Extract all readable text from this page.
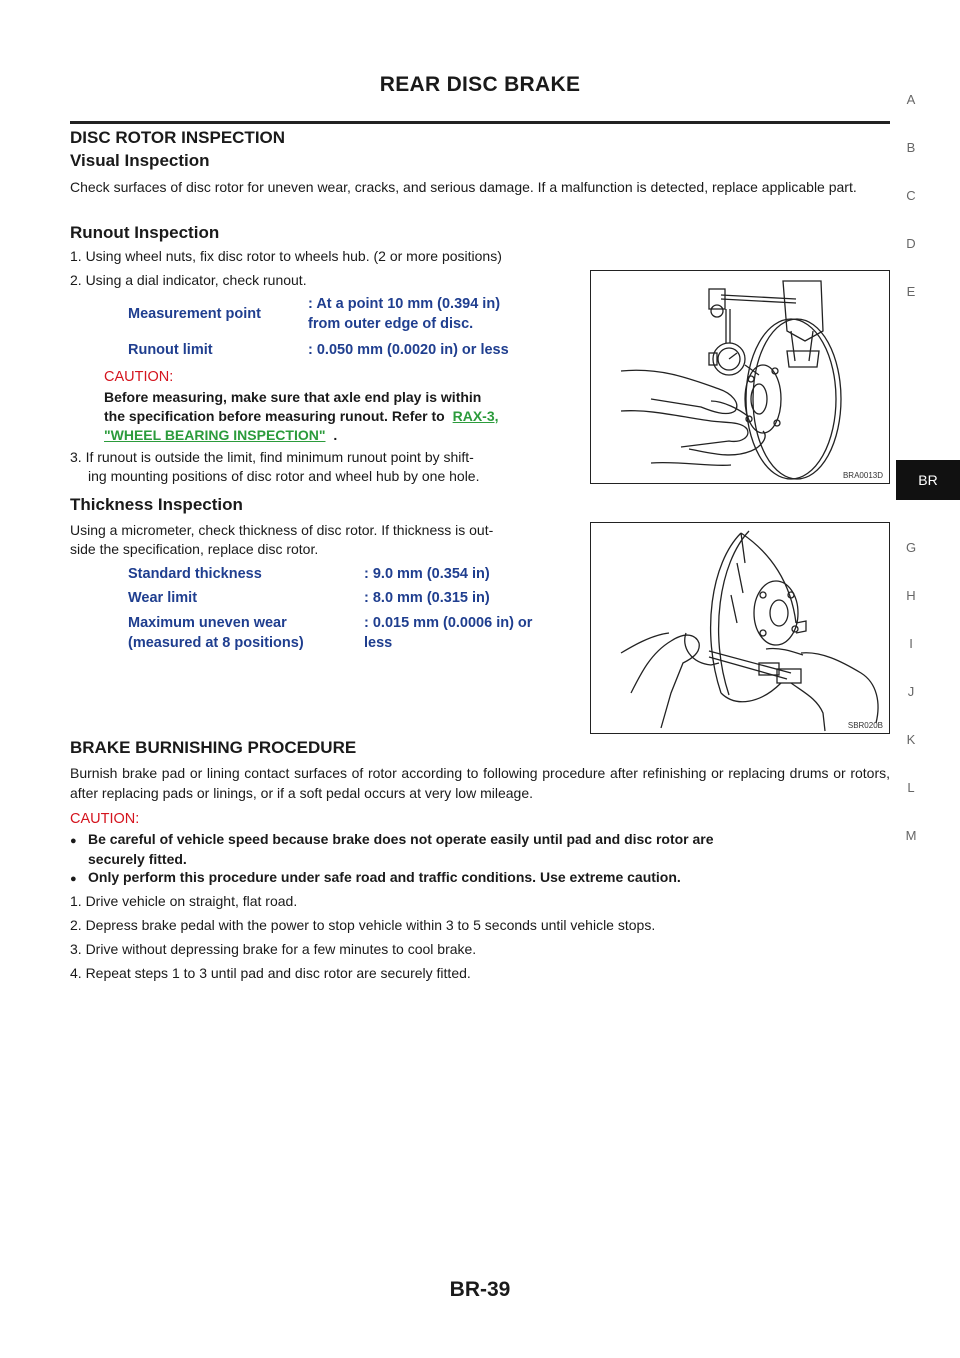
REAR DISC BRAKE
DISC ROTOR INSPECTION
Visual Inspection
Check surfaces of disc rotor for uneven wear, cracks, and serious damage. If a malfunction is detected, replace applicable part.
Runout Inspection
1. Using wheel nuts, fix disc rotor to wheels hub. (2 or more positions)
2. Using a dial indicator, check runout.
Measurement point
: At a point 10 mm (0.394 in)
from outer edge of disc.
Runout limit	: 0.050 mm (0.0020 in) or less
CAUTION:
Before measuring, make sure that axle end play is within
the specification before measuring runout. Refer to RAX-3,
"WHEEL BEARING INSPECTION" .
3. If runout is outside the limit, find minimum runout point by shift-
ing mounting positions of disc rotor and wheel hub by one hole.	BRA0013D
Thickness Inspection
Using a micrometer, check thickness of disc rotor. If thickness is out-
side the specification, replace disc rotor.
Standard thickness	: 9.0 mm (0.354 in)
Wear limit	: 8.0 mm (0.315 in)
Maximum uneven wear
(measured at 8 positions)
: 0.015 mm (0.0006 in) or
less
SBR020B
BRAKE BURNISHING PROCEDURE
Burnish brake pad or lining contact surfaces of rotor according to following procedure after refinishing or replacing drums or rotors, after replacing pads or linings, or if a soft pedal occurs at very low mileage.
CAUTION:
● Be careful of vehicle speed because brake does not operate easily until pad and disc rotor are
securely fitted.
● Only perform this procedure under safe road and traffic conditions. Use extreme caution.
1. Drive vehicle on straight, flat road.
2. Depress brake pedal with the power to stop vehicle within 3 to 5 seconds until vehicle stops.
3. Drive without depressing brake for a few minutes to cool brake.
4. Repeat steps 1 to 3 until pad and disc rotor are securely fitted.
A
B
C
D
E
BR
G
H
I
J
K
L
M
BR-39
